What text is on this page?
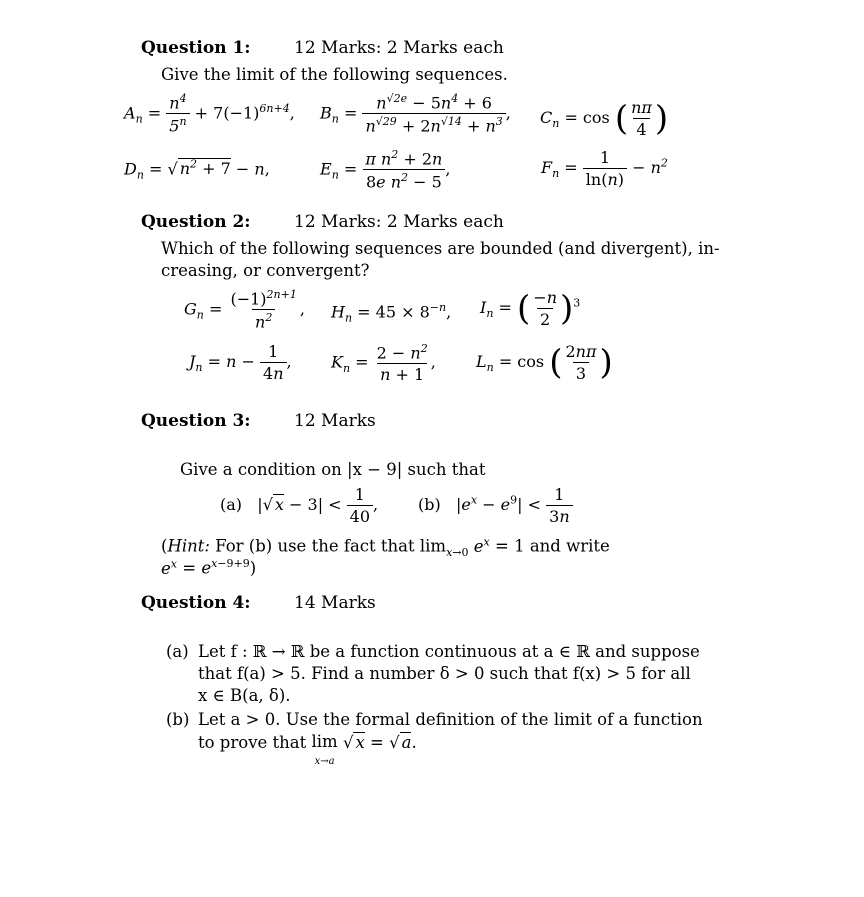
Question 1:	12 Marks: 2 Marks each
Give the limit of the following sequences.
$A_n = \frac{n^4}{5^n} + 7(-1)^{6n+4}$, $B_n = \frac{n^{√2e} - 5n^4 + 6}{n^{√29} + 2n^{√14} + n^3}$ , $C_n = \cos$ ( $\frac{n\pi}{4}$ )
$D_n$ = √ $n^2 + 7 - n$,	$E_n = \frac{\pi n^2 + 2n}{8e n^2 - 5}$ ,	$F_n = \frac{1}{\ln(n)} - n^2$
Question 2:	12 Marks: 2 Marks each
Which of the following sequences are bounded (and divergent), in-
creasing, or convergent?
$G_n = \frac{(-1)^{2n+1}}{n^2}$ , $H_n = 45 \times 8^{-n}$, $I_n$ = ( $\frac{-n}{2} )^3$
$J_n = n - \frac{1}{4n}$ , $K_n = \frac{2 - n^2}{n + 1}$ ,	$L_n = \cos$ ( $\frac{2n\pi}{3}$ )
Question 3:	12 Marks
Give a condition on |x − 9| such that
(a) |√ $x - 3| < \frac{1}{40}$ , (b) $|e^x - e^9| < \frac{1}{3n}$
(Hint: For (b) use the fact that $\lim_{x\to 0} e^x = 1$ and write
$e^x = e^{x-9+9}$)
Question 4:	14 Marks
(a) Let f : ℝ → ℝ be a function continuous at a ∈ ℝ and suppose
that f(a) > 5. Find a number δ > 0 such that f(x) > 5 for all
x ∈ B(a, δ).
(b) Let a > 0. Use the formal definition of the limit of a function
to prove that lim
x→a
√ x = √ a.
